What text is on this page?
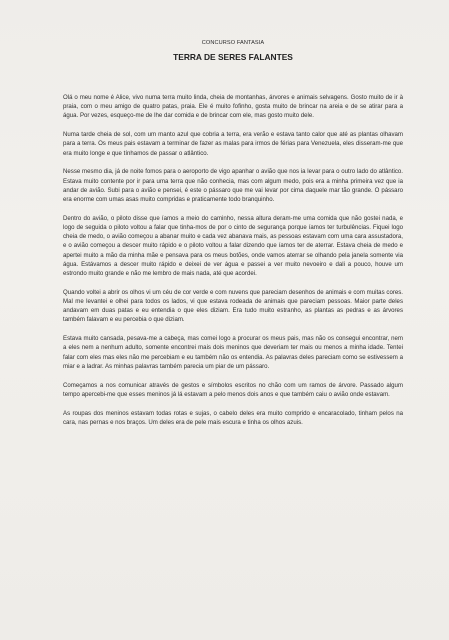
CONCURSO FANTASIA

TERRA DE SERES FALANTES

Olá o meu nome é Alice, vivo numa terra muito linda, cheia de montanhas, árvores e animais selvagens. Gosto muito de ir à praia, com o meu amigo de quatro patas, praia. Ele é muito fofinho, gosta muito de brincar na areia e de se atirar para a água. Por vezes, esqueço-me de lhe dar comida e de brincar com ele, mas gosto muito dele.

Numa tarde cheia de sol, com um manto azul que cobria a terra, era verão e estava tanto calor que até as plantas olhavam para a terra. Os meus pais estavam a terminar de fazer as malas para irmos de férias para Venezuela, eles disseram-me que era muito longe e que tínhamos de passar o atlântico.

Nesse mesmo dia, já de noite fomos para o aeroporto de vigo apanhar o avião que nos ia levar para o outro lado do atlântico. Estava muito contente por ir para uma terra que não conhecia, mas com algum medo, pois era a minha primeira vez que ia andar de avião. Subi para o avião e pensei, é este o pássaro que me vai levar por cima daquele mar tão grande. O pássaro era enorme com umas asas muito compridas e praticamente todo branquinho.

Dentro do avião, o piloto disse que íamos a meio do caminho, nessa altura deram-me uma comida que não gostei nada, e logo de seguida o piloto voltou a falar que tinha-mos de por o cinto de segurança porque íamos ter turbulências. Fiquei logo cheia de medo, o avião começou a abanar muito e cada vez abanava mais, as pessoas estavam com uma cara assustadora, e o avião começou a descer muito rápido e o piloto voltou a falar dizendo que íamos ter de aterrar. Estava cheia de medo e apertei muito a mão da minha mãe e pensava para os meus botões, onde vamos aterrar se olhando pela janela somente via água. Estávamos a descer muito rápido e deixei de ver água e passei a ver muito nevoeiro e dali a pouco, houve um estrondo muito grande e não me lembro de mais nada, até que acordei.

Quando voltei a abrir os olhos vi um céu de cor verde e com nuvens que pareciam desenhos de animais e com muitas cores. Mal me levantei e olhei para todos os lados, vi que estava rodeada de animais que pareciam pessoas. Maior parte deles andavam em duas patas e eu entendia o que eles diziam. Era tudo muito estranho, as plantas as pedras e as árvores também falavam e eu percebia o que diziam.

Estava muito cansada, pesava-me a cabeça, mas comei logo a procurar os meus pais, mas não os consegui encontrar, nem a eles nem a nenhum adulto, somente encontrei mais dois meninos que deveriam ter mais ou menos a minha idade. Tentei falar com eles mas eles não me percebiam e eu também não os entendia. As palavras deles pareciam como se estivessem a miar e a ladrar. As minhas palavras também parecia um piar de um pássaro.

Começamos a nos comunicar através de gestos e símbolos escritos no chão com um ramos de árvore. Passado algum tempo apercebi-me que esses meninos já lá estavam a pelo menos dois anos e que também caiu o avião onde estavam.

As roupas dos meninos estavam todas rotas e sujas, o cabelo deles era muito comprido e encaracolado, tinham pelos na cara, nas pernas e nos braços. Um deles era de pele mais escura e tinha os olhos azuis.
